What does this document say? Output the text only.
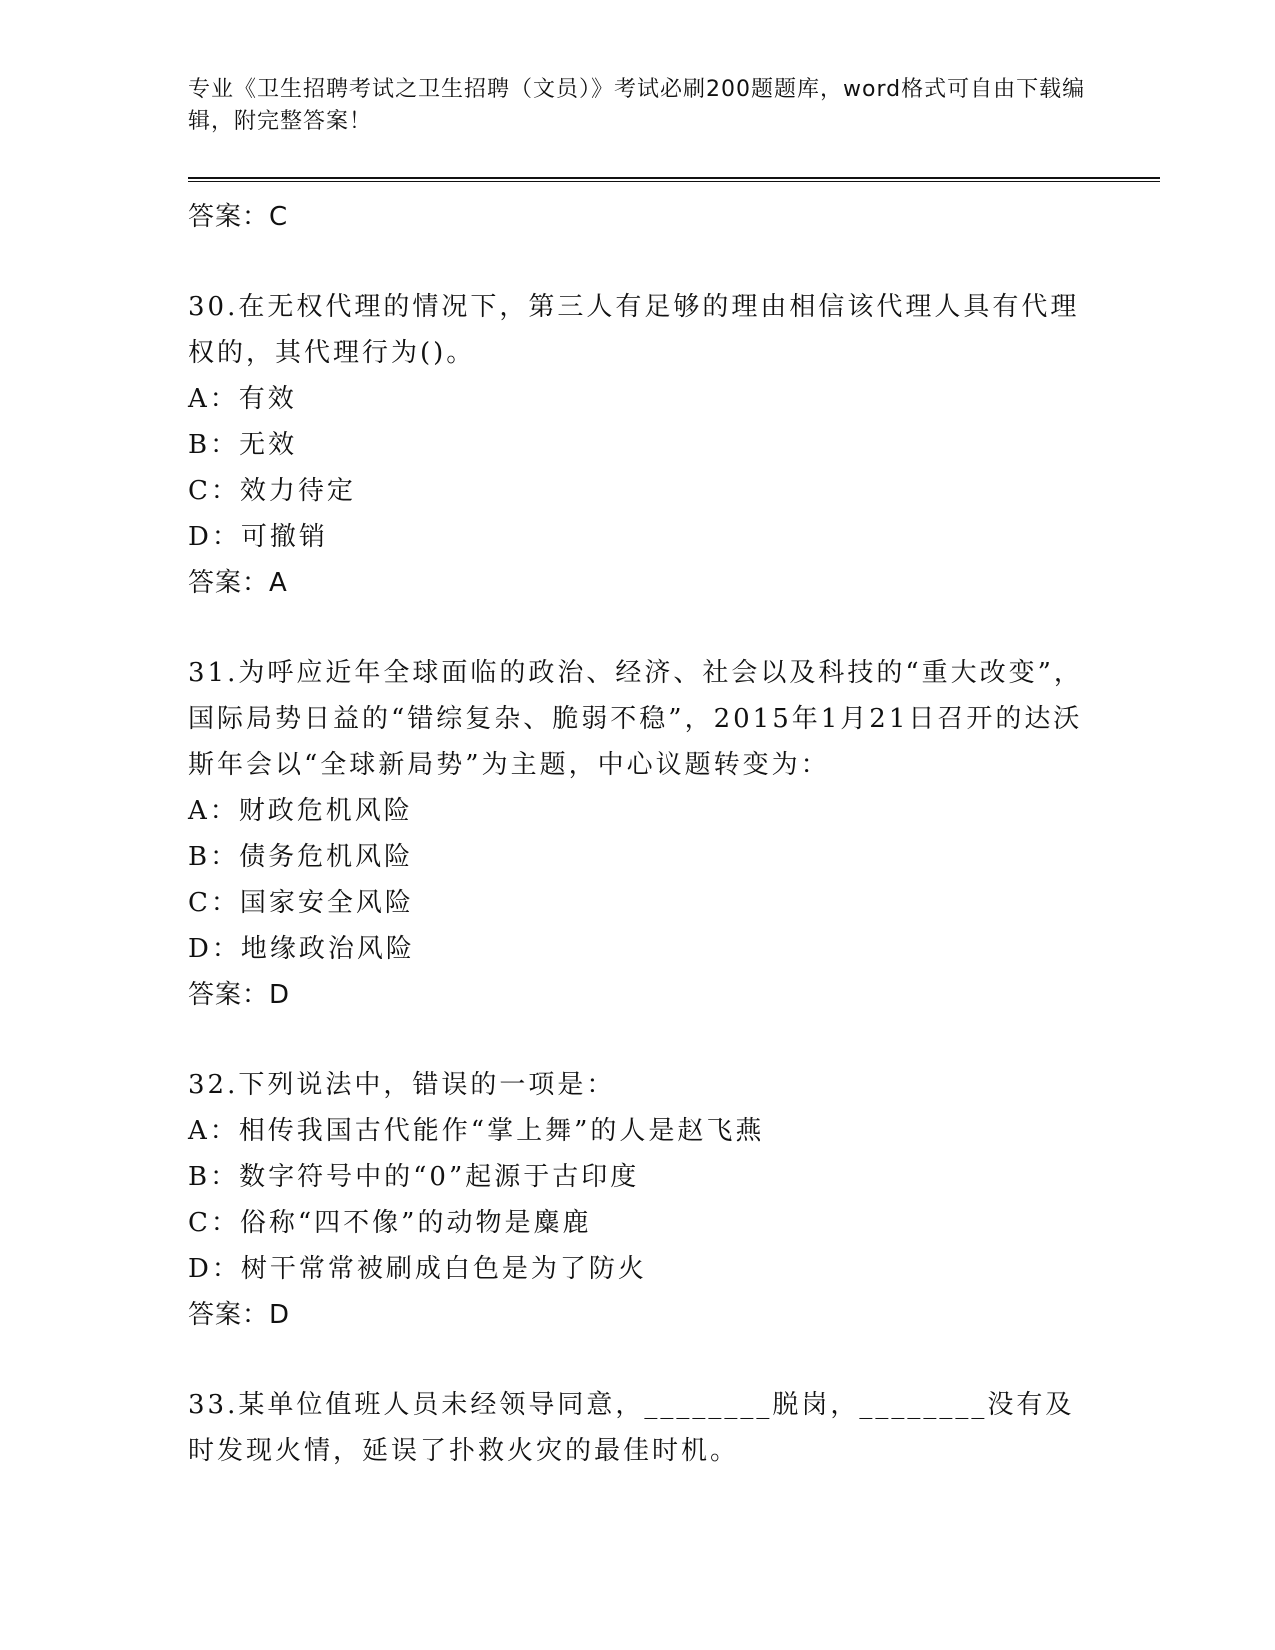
专业《卫生招聘考试之卫生招聘（文员）》考试必刷200题题库，word格式可自由下载编辑，附完整答案！
答案：C
30.在无权代理的情况下，第三人有足够的理由相信该代理人具有代理权的，其代理行为()。
A：有效
B：无效
C：效力待定
D：可撤销
答案：A
31.为呼应近年全球面临的政治、经济、社会以及科技的“重大改变”，国际局势日益的“错综复杂、脆弱不稳”，2015年1月21日召开的达沃斯年会以“全球新局势”为主题，中心议题转变为：
A：财政危机风险
B：债务危机风险
C：国家安全风险
D：地缘政治风险
答案：D
32.下列说法中，错误的一项是：
A：相传我国古代能作“掌上舞”的人是赵飞燕
B：数字符号中的“0”起源于古印度
C：俗称“四不像”的动物是麋鹿
D：树干常常被刷成白色是为了防火
答案：D
33.某单位值班人员未经领导同意，________脱岗，________没有及时发现火情，延误了扑救火灾的最佳时机。
